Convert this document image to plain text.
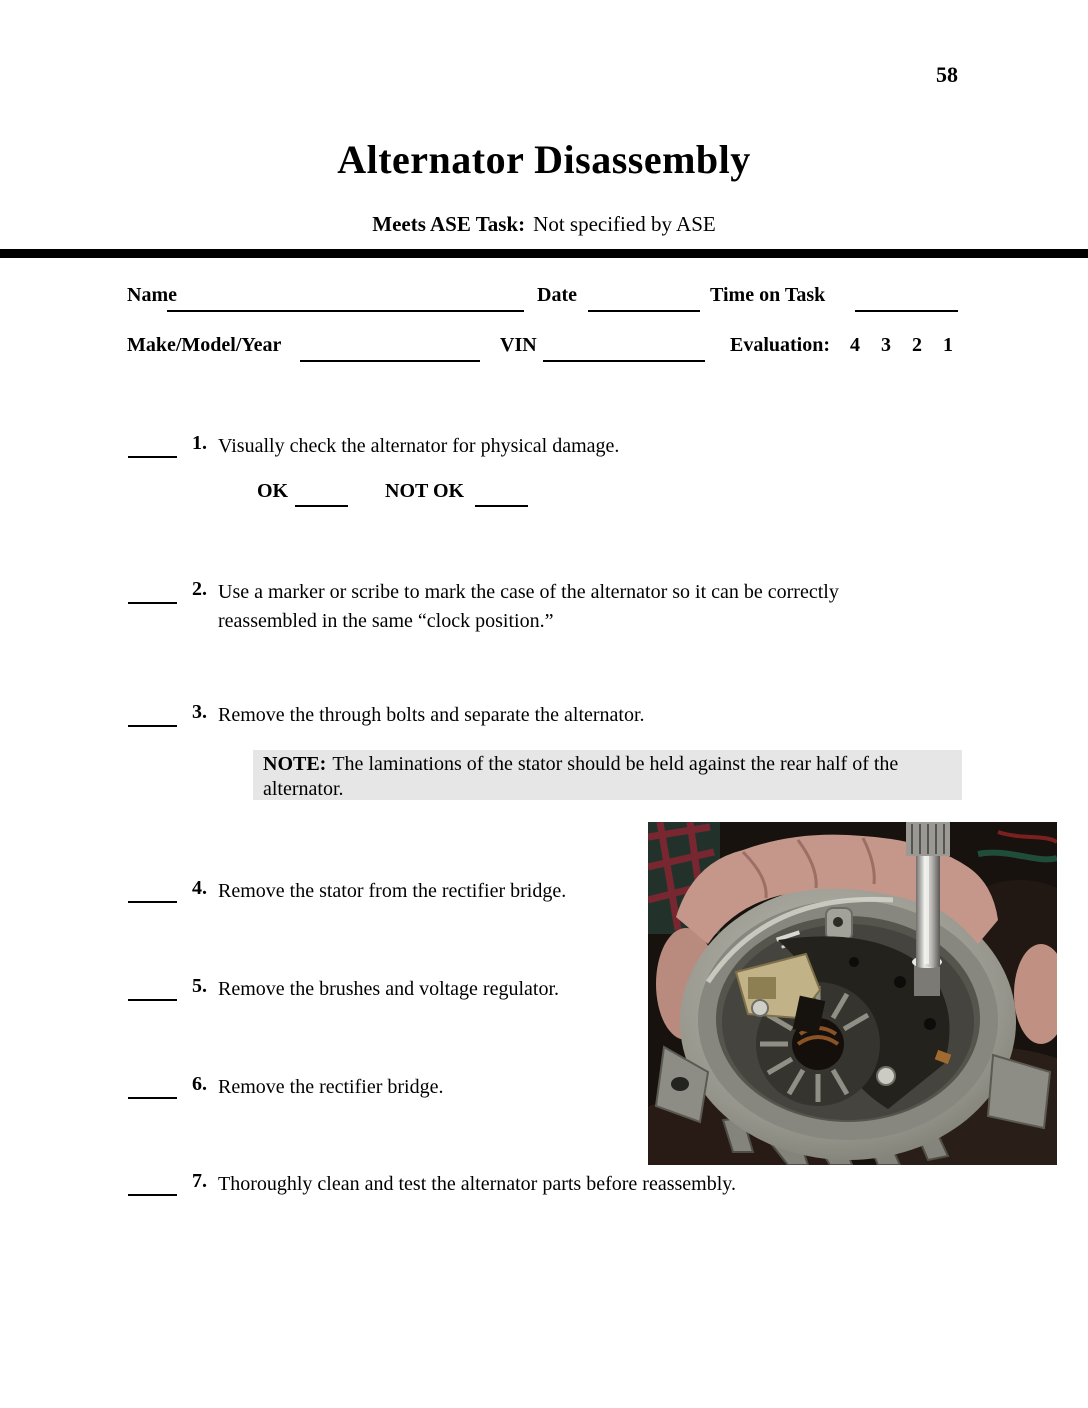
58
Alternator Disassembly
Meets ASE Task: Not specified by ASE
Name	Date	Time on Task
Make/Model/Year	VIN	Evaluation: 4 3 2 1
1. Visually check the alternator for physical damage.
OK	NOT OK
2. Use a marker or scribe to mark the case of the alternator so it can be correctly reassembled in the same “clock position.”
3. Remove the through bolts and separate the alternator.
NOTE: The laminations of the stator should be held against the rear half of the alternator.
4. Remove the stator from the rectifier bridge.
5. Remove the brushes and voltage regulator.
6. Remove the rectifier bridge.
7. Thoroughly clean and test the alternator parts before reassembly.
